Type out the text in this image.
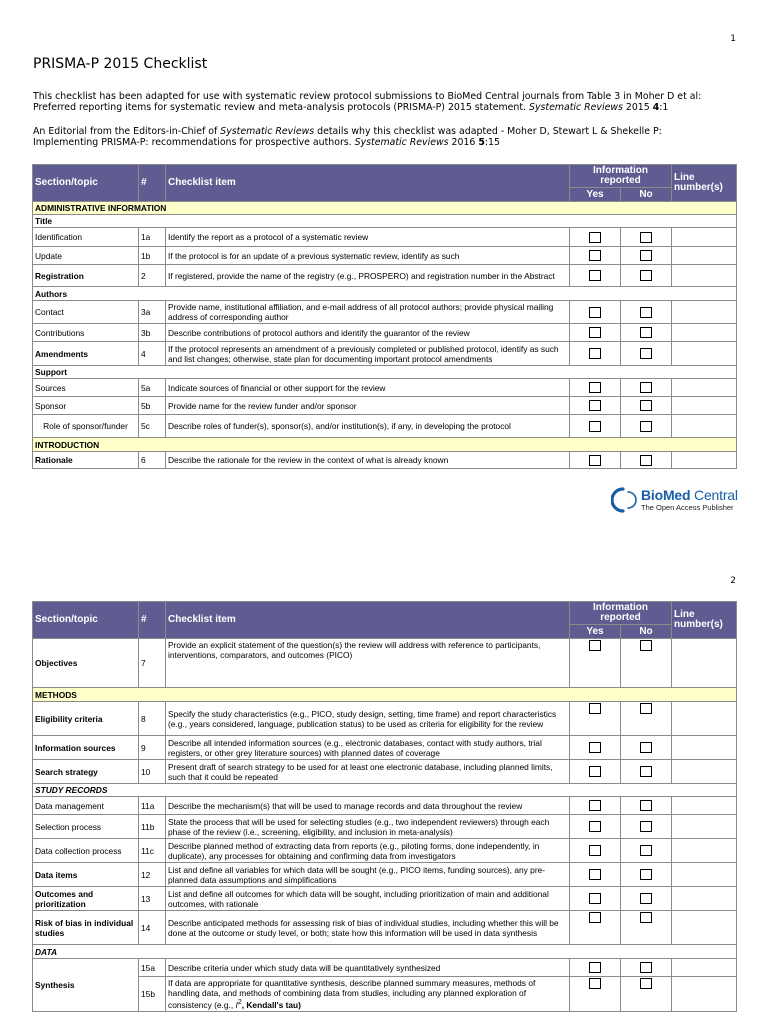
1
PRISMA-P 2015 Checklist
This checklist has been adapted for use with systematic review protocol submissions to BioMed Central journals from Table 3 in Moher D et al:
Preferred reporting items for systematic review and meta-analysis protocols (PRISMA-P) 2015 statement. Systematic Reviews 2015 4:1
An Editorial from the Editors-in-Chief of Systematic Reviews details why this checklist was adapted - Moher D, Stewart L & Shekelle P:
Implementing PRISMA-P: recommendations for prospective authors. Systematic Reviews 2016 5:15
Section/topic	#	Checklist item	Information reported		Line number(s)
			Yes	No	
ADMINISTRATIVE INFORMATION					
Title					
Identification	1a	Identify the report as a protocol of a systematic review			
Update	1b	If the protocol is for an update of a previous systematic review, identify as such			
Registration	2	If registered, provide the name of the registry (e.g., PROSPERO) and registration number in the Abstract			
Authors					
Contact	3a	Provide name, institutional affiliation, and e-mail address of all protocol authors; provide physical mailing address of corresponding author			
Contributions	3b	Describe contributions of protocol authors and identify the guarantor of the review			
Amendments	4	If the protocol represents an amendment of a previously completed or published protocol, identify as such and list changes; otherwise, state plan for documenting important protocol amendments			
Support					
Sources	5a	Indicate sources of financial or other support for the review			
Sponsor	5b	Provide name for the review funder and/or sponsor			
Role of sponsor/funder	5c	Describe roles of funder(s), sponsor(s), and/or institution(s), if any, in developing the protocol			
INTRODUCTION					
Rationale	6	Describe the rationale for the review in the context of what is already known			
BioMed Central
The Open Access Publisher
2
Section/topic	#	Checklist item	Information reported		Line number(s)
			Yes	No	
Objectives	7	Provide an explicit statement of the question(s) the review will address with reference to participants, interventions, comparators, and outcomes (PICO)			
METHODS					
Eligibility criteria	8	Specify the study characteristics (e.g., PICO, study design, setting, time frame) and report characteristics (e.g., years considered, language, publication status) to be used as criteria for eligibility for the review			
Information sources	9	Describe all intended information sources (e.g., electronic databases, contact with study authors, trial registers, or other grey literature sources) with planned dates of coverage			
Search strategy	10	Present draft of search strategy to be used for at least one electronic database, including planned limits, such that it could be repeated			
STUDY RECORDS					
Data management	11a	Describe the mechanism(s) that will be used to manage records and data throughout the review			
Selection process	11b	State the process that will be used for selecting studies (e.g., two independent reviewers) through each phase of the review (i.e., screening, eligibility, and inclusion in meta-analysis)			
Data collection process	11c	Describe planned method of extracting data from reports (e.g., piloting forms, done independently, in duplicate), any processes for obtaining and confirming data from investigators			
Data items	12	List and define all variables for which data will be sought (e.g., PICO items, funding sources), any pre-planned data assumptions and simplifications			
Outcomes and prioritization	13	List and define all outcomes for which data will be sought, including prioritization of main and additional outcomes, with rationale			
Risk of bias in individual studies	14	Describe anticipated methods for assessing risk of bias of individual studies, including whether this will be done at the outcome or study level, or both; state how this information will be used in data synthesis			
DATA					
Synthesis	15a	Describe criteria under which study data will be quantitatively synthesized			
	15b	If data are appropriate for quantitative synthesis, describe planned summary measures, methods of handling data, and methods of combining data from studies, including any planned exploration of consistency (e.g., $I^2$, Kendall's tau)			
